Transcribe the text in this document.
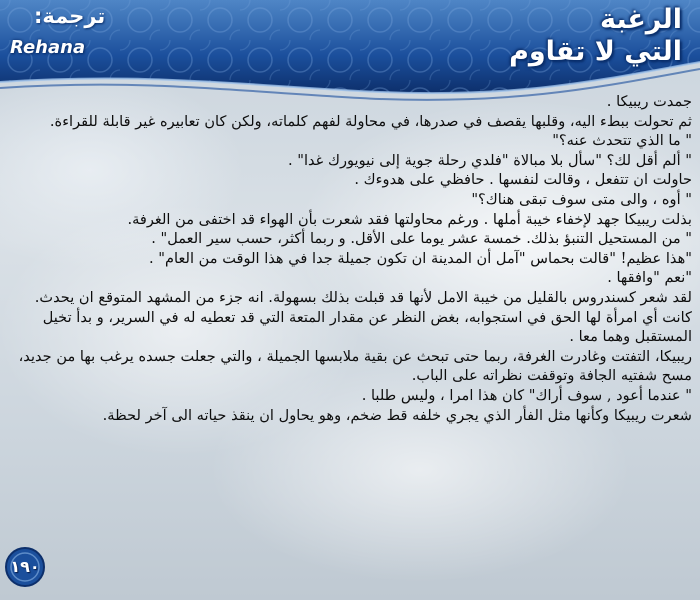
الرغبة
التي لا تقاوم
ترجمة:
Rehana

جمدت ريبيكا .

ثم تحولت ببطء اليه، وقلبها يقصف في صدرها، في محاولة لفهم كلماته، ولكن كان تعابيره غير قابلة للقراءة.

" ما الذي تتحدث عنه؟"

" ألم أقل لك؟ "سأل بلا مبالاة "فلدي رحلة جوية إلى نيويورك غدا" .

حاولت ان تتفعل ، وقالت لنفسها . حافظي على هدوءك .

" أوه ، والى متى سوف تبقى هناك؟"

بذلت ريبيكا جهد لإخفاء خيبة أملها . ورغم محاولتها فقد شعرت بأن الهواء قد اختفى من الغرفة.

" من المستحيل التنبؤ بذلك. خمسة عشر يوما على الأقل. و ربما أكثر، حسب سير العمل" .

"هذا عظيم! "قالت بحماس "آمل أن المدينة ان تكون جميلة جدا في هذا الوقت من العام" .

"نعم "وافقها .

لقد شعر كسندروس بالقليل من خيبة الامل لأنها قد قبلت بذلك بسهولة. انه جزء من المشهد المتوقع ان يحدث. كانت أي امرأة لها الحق في استجوابه، بغض النظر عن مقدار المتعة التي قد تعطيه له في السرير، و بدأ تخيل المستقبل وهما معا .

ريبيكا، التفتت وغادرت الغرفة، ربما حتى تبحث عن بقية ملابسها الجميلة ، والتي جعلت جسده يرغب بها من جديد، مسح شفتيه الجافة وتوقفت نظراته على الباب.

" عندما أعود , سوف أراك" كان هذا امرا ، وليس طلبا .

شعرت ريبيكا وكأنها مثل الفأر الذي يجري خلفه قط ضخم، وهو يحاول ان ينقذ حياته الى آخر لحظة.

١٩٠
